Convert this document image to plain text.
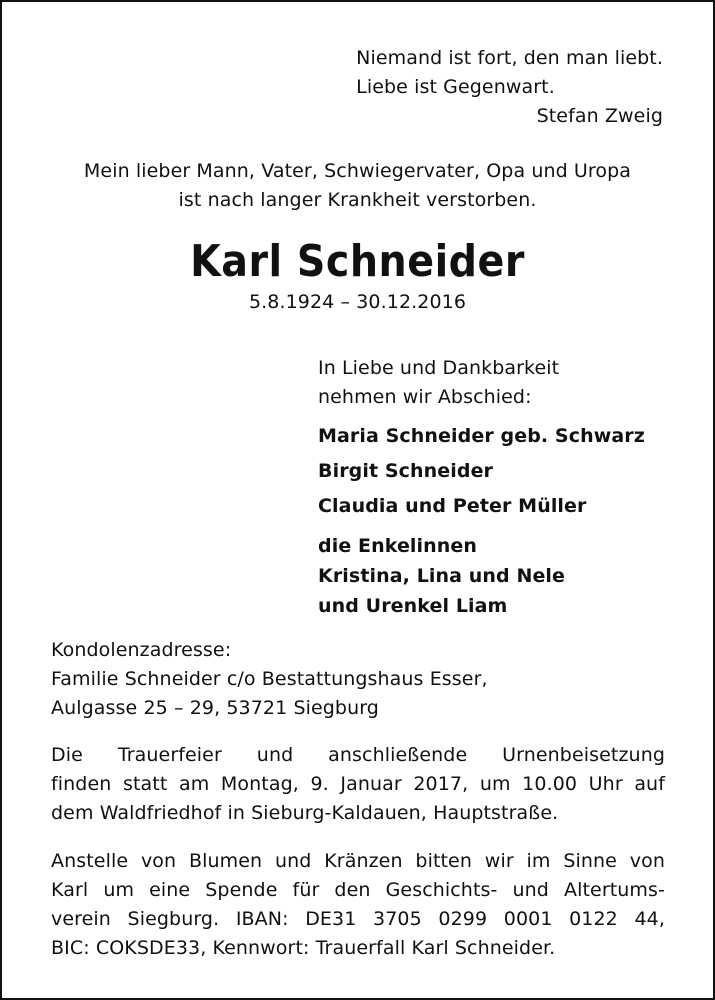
Niemand ist fort, den man liebt.
Liebe ist Gegenwart.
Stefan Zweig
Mein lieber Mann, Vater, Schwiegervater, Opa und Uropa
ist nach langer Krankheit verstorben.
Karl Schneider
5.8.1924 – 30.12.2016
In Liebe und Dankbarkeit
nehmen wir Abschied:
Maria Schneider geb. Schwarz
Birgit Schneider
Claudia und Peter Müller
die Enkelinnen
Kristina, Lina und Nele
und Urenkel Liam
Kondolenzadresse:
Familie Schneider c/o Bestattungshaus Esser,
Aulgasse 25 – 29, 53721 Siegburg
Die Trauerfeier und anschließende Urnenbeisetzung
finden statt am Montag, 9. Januar 2017, um 10.00 Uhr auf
dem Waldfriedhof in Sieburg-Kaldauen, Hauptstraße.
Anstelle von Blumen und Kränzen bitten wir im Sinne von
Karl um eine Spende für den Geschichts- und Altertums-
verein Siegburg. IBAN: DE31 3705 0299 0001 0122 44,
BIC: COKSDE33, Kennwort: Trauerfall Karl Schneider.
